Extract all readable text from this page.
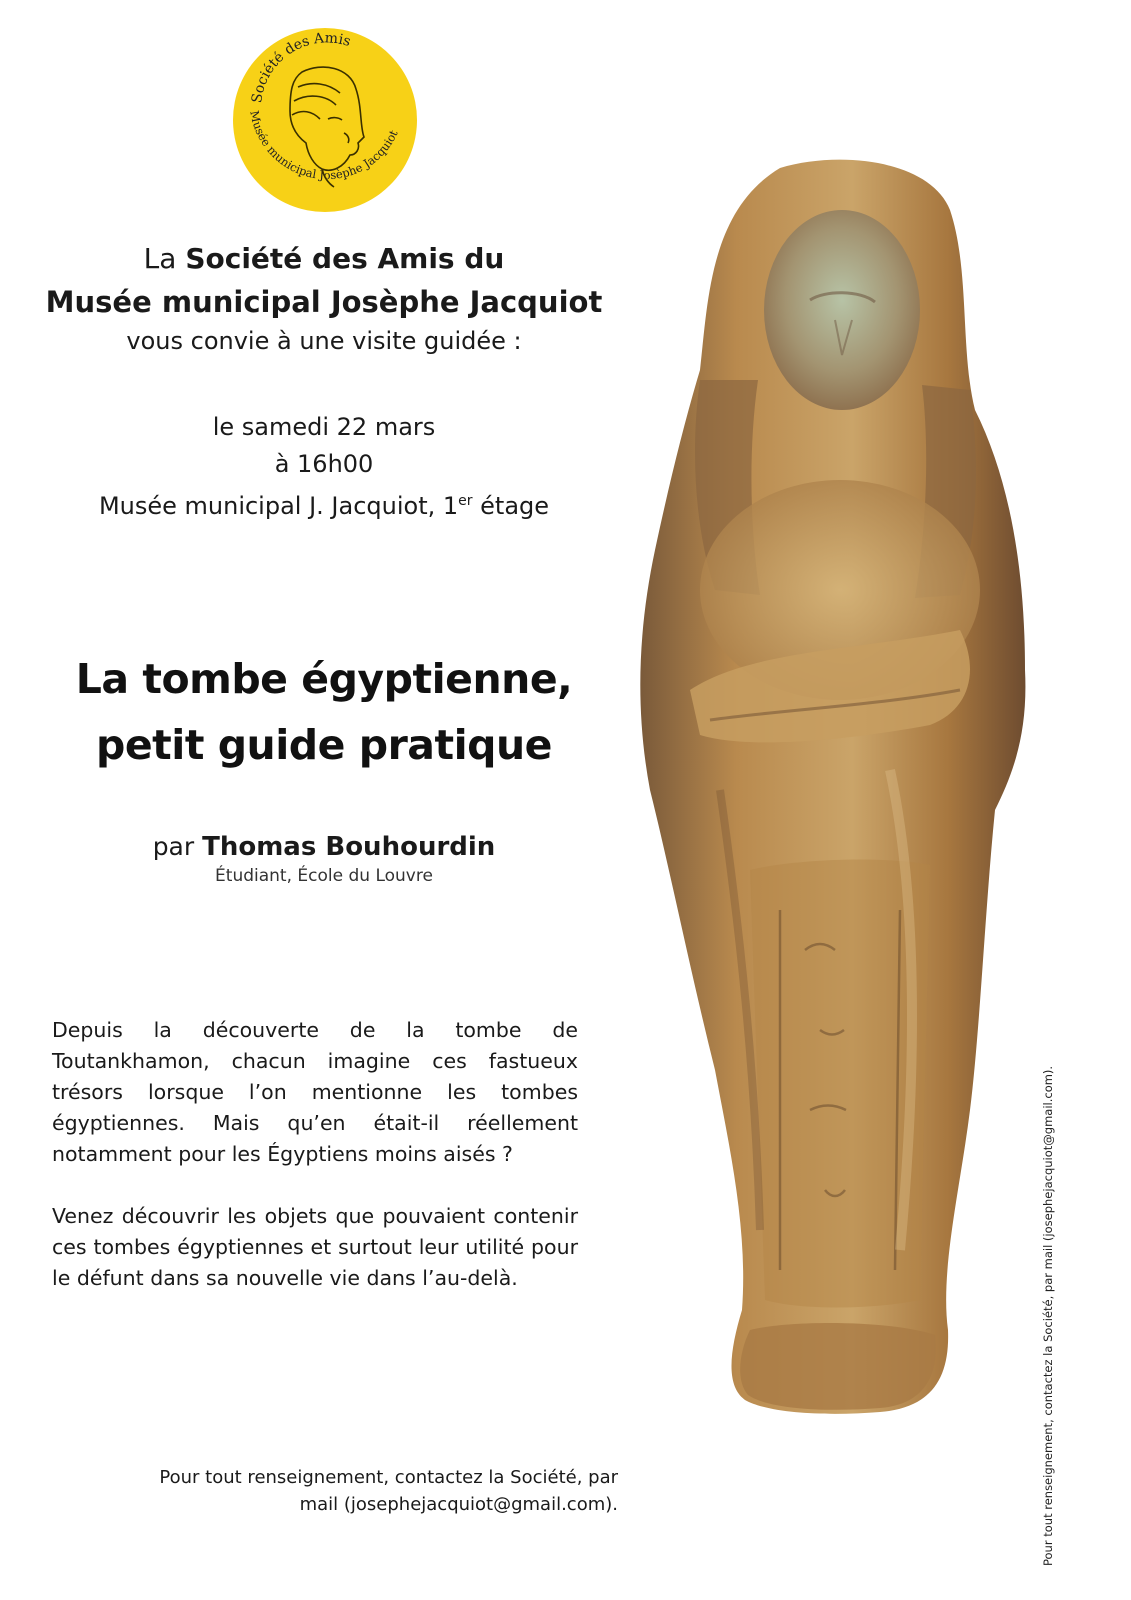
Société des Amis
Musée municipal Josèphe Jacquiot
La Société des Amis du
Musée municipal Josèphe Jacquiot
vous convie à une visite guidée :
le samedi 22 mars
à 16h00
Musée municipal J. Jacquiot, 1er étage
La tombe égyptienne,
petit guide pratique
par Thomas Bouhourdin
Étudiant, École du Louvre

Depuis la découverte de la tombe de Toutankhamon, chacun imagine ces fastueux trésors lorsque l’on mentionne les tombes égyptiennes. Mais qu’en était-il réellement notamment pour les Égyptiens moins aisés ?

Venez découvrir les objets que pouvaient contenir ces tombes égyptiennes et surtout leur utilité pour le défunt dans sa nouvelle vie dans l’au-delà.

Pour tout renseignement, contactez la Société, par
mail (josephejacquiot@gmail.com).	Pour tout renseignement, contactez la Société, par mail (josephejacquiot@gmail.com).
